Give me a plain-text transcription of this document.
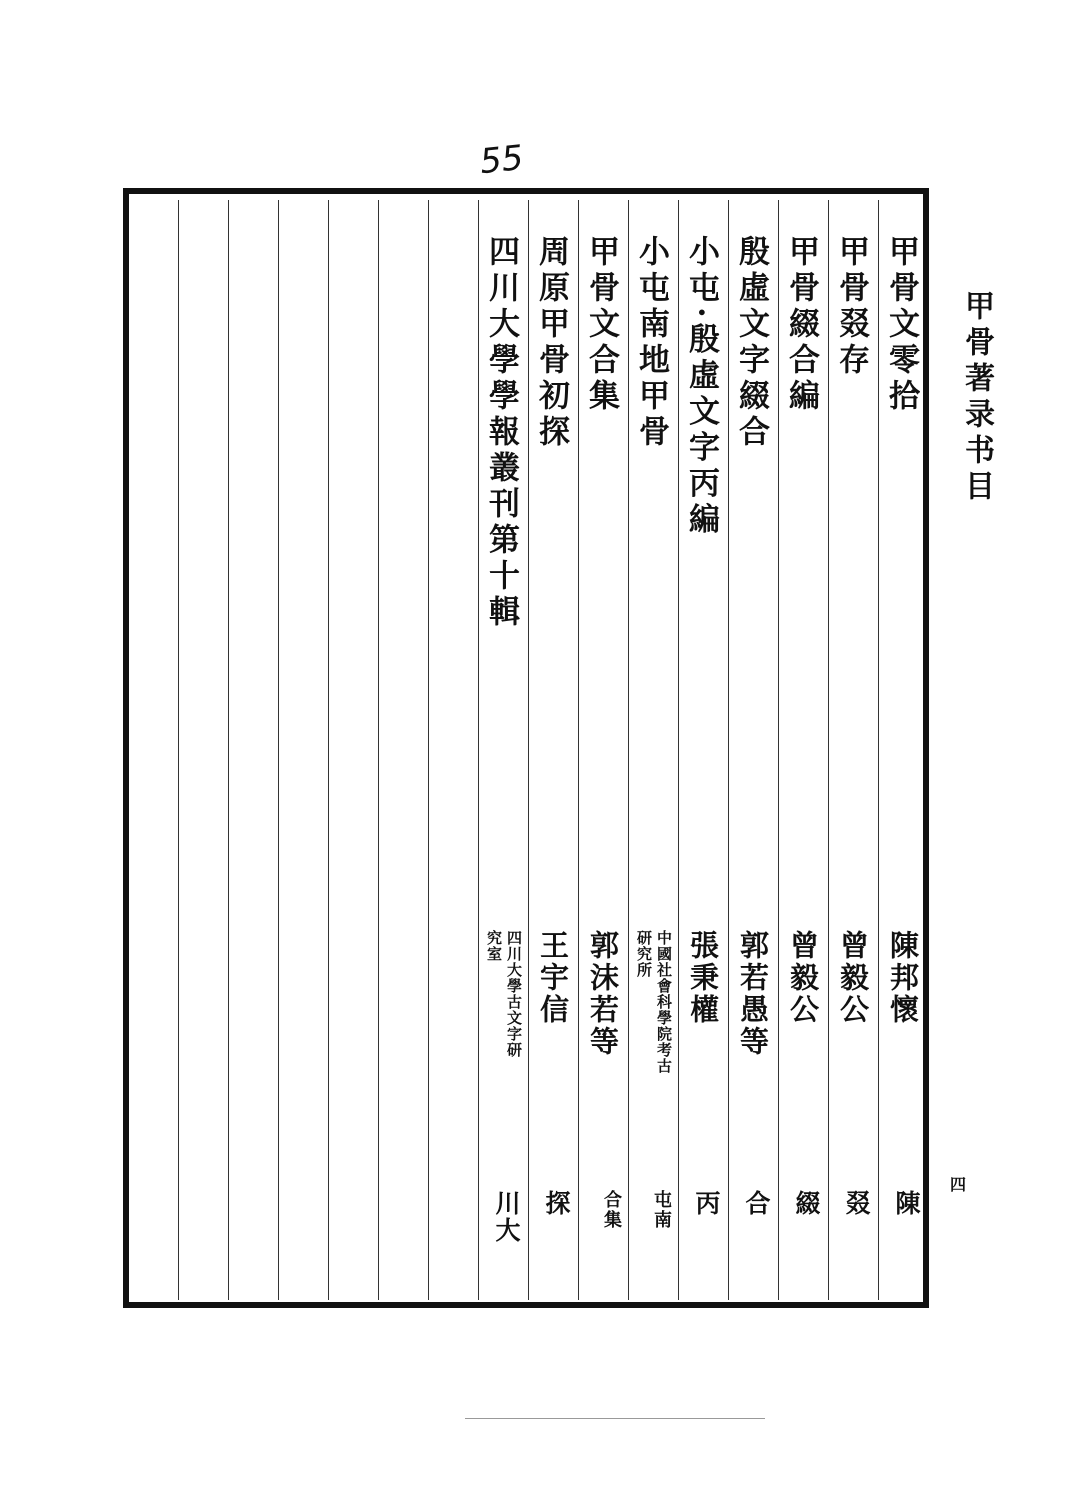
55
甲骨文零拾
陳邦懷
陳
甲骨叕存
曾毅公
叕
甲骨綴合編
曾毅公
綴
殷虛文字綴合
郭若愚等
合
小屯·殷虛文字丙編
張秉權
丙
小屯南地甲骨
中國社會科學院考古研究所
屯南
甲骨文合集
郭沫若等
合集
周原甲骨初探
王宇信
探
四川大學學報叢刊第十輯
四川大學古文字研究室
川大
甲骨著录书目
四
